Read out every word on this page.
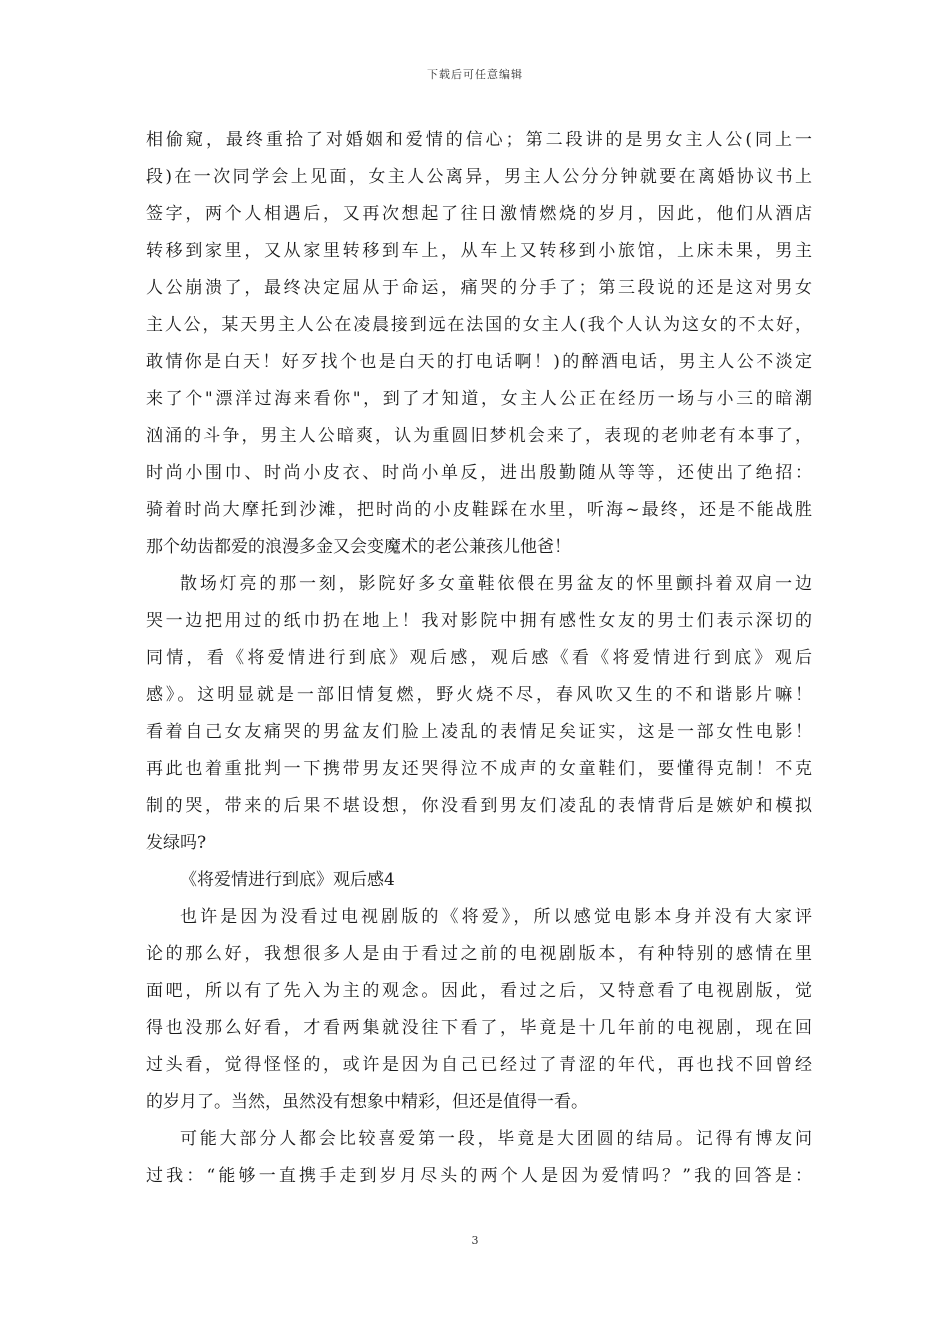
下载后可任意编辑
相偷窥，最终重拾了对婚姻和爱情的信心；第二段讲的是男女主人公(同上一
段)在一次同学会上见面，女主人公离异，男主人公分分钟就要在离婚协议书上
签字，两个人相遇后，又再次想起了往日激情燃烧的岁月，因此，他们从酒店
转移到家里，又从家里转移到车上，从车上又转移到小旅馆，上床未果，男主
人公崩溃了，最终决定屈从于命运，痛哭的分手了；第三段说的还是这对男女
主人公，某天男主人公在凌晨接到远在法国的女主人(我个人认为这女的不太好，
敢情你是白天！好歹找个也是白天的打电话啊！)的醉酒电话，男主人公不淡定
来了个"漂洋过海来看你"，到了才知道，女主人公正在经历一场与小三的暗潮
汹涌的斗争，男主人公暗爽，认为重圆旧梦机会来了，表现的老帅老有本事了，
时尚小围巾、时尚小皮衣、时尚小单反，进出殷勤随从等等，还使出了绝招：
骑着时尚大摩托到沙滩，把时尚的小皮鞋踩在水里，听海~最终，还是不能战胜
那个幼齿都爱的浪漫多金又会变魔术的老公兼孩儿他爸！
散场灯亮的那一刻，影院好多女童鞋依偎在男盆友的怀里颤抖着双肩一边
哭一边把用过的纸巾扔在地上！我对影院中拥有感性女友的男士们表示深切的
同情，看《将爱情进行到底》观后感，观后感《看《将爱情进行到底》观后
感》。这明显就是一部旧情复燃，野火烧不尽，春风吹又生的不和谐影片嘛！
看着自己女友痛哭的男盆友们脸上凌乱的表情足矣证实，这是一部女性电影！
再此也着重批判一下携带男友还哭得泣不成声的女童鞋们，要懂得克制！不克
制的哭，带来的后果不堪设想，你没看到男友们凌乱的表情背后是嫉妒和模拟
发绿吗?
《将爱情进行到底》观后感4
也许是因为没看过电视剧版的《将爱》，所以感觉电影本身并没有大家评
论的那么好，我想很多人是由于看过之前的电视剧版本，有种特别的感情在里
面吧，所以有了先入为主的观念。因此，看过之后，又特意看了电视剧版，觉
得也没那么好看，才看两集就没往下看了，毕竟是十几年前的电视剧，现在回
过头看，觉得怪怪的，或许是因为自己已经过了青涩的年代，再也找不回曾经
的岁月了。当然，虽然没有想象中精彩，但还是值得一看。
可能大部分人都会比较喜爱第一段，毕竟是大团圆的结局。记得有博友问
过我：“能够一直携手走到岁月尽头的两个人是因为爱情吗？”我的回答是：
3
